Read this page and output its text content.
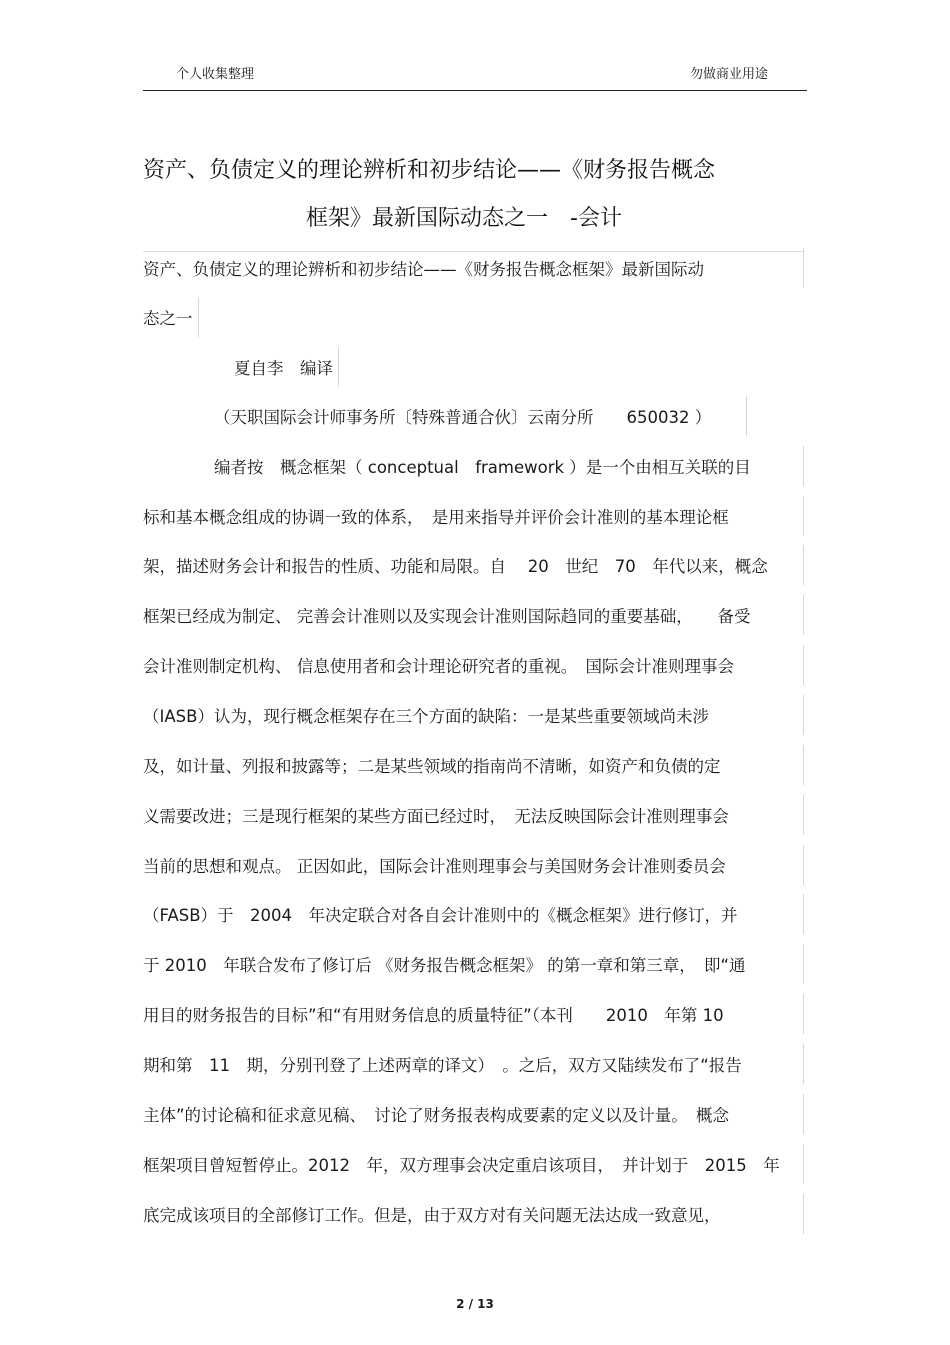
个人收集整理	勿做商业用途
资产、负债定义的理论辨析和初步结论——《财务报告概念
框架》最新国际动态之一　-会计
资产、负债定义的理论辨析和初步结论——《财务报告概念框架》最新国际动
态之一
夏自李　编译
（天职国际会计师事务所〔特殊普通合伙〕云南分所　　650032 ）
编者按　概念框架（ conceptual　framework ）是一个由相互关联的目
标和基本概念组成的协调一致的体系，　是用来指导并评价会计准则的基本理论框
架，描述财务会计和报告的性质、功能和局限。自　 20　世纪　70　年代以来，概念
框架已经成为制定、 完善会计准则以及实现会计准则国际趋同的重要基础，　　备受
会计准则制定机构、 信息使用者和会计理论研究者的重视。　国际会计准则理事会
（IASB）认为，现行概念框架存在三个方面的缺陷：一是某些重要领域尚未涉
及，如计量、列报和披露等；二是某些领域的指南尚不清晰，如资产和负债的定
义需要改进；三是现行框架的某些方面已经过时，　无法反映国际会计准则理事会
当前的思想和观点。 正因如此，国际会计准则理事会与美国财务会计准则委员会
（FASB）于　2004　年决定联合对各自会计准则中的《概念框架》进行修订，并
于 2010　年联合发布了修订后 《财务报告概念框架》 的第一章和第三章，　即“通
用目的财务报告的目标”和“有用财务信息的质量特征”（本刊　　2010　年第 10
期和第　11　期，分别刊登了上述两章的译文）　。之后，双方又陆续发布了“报告
主体”的讨论稿和征求意见稿、　讨论了财务报表构成要素的定义以及计量。　概念
框架项目曾短暂停止。2012　年，双方理事会决定重启该项目，　并计划于　2015　年
底完成该项目的全部修订工作。但是，由于双方对有关问题无法达成一致意见，
2 / 13
